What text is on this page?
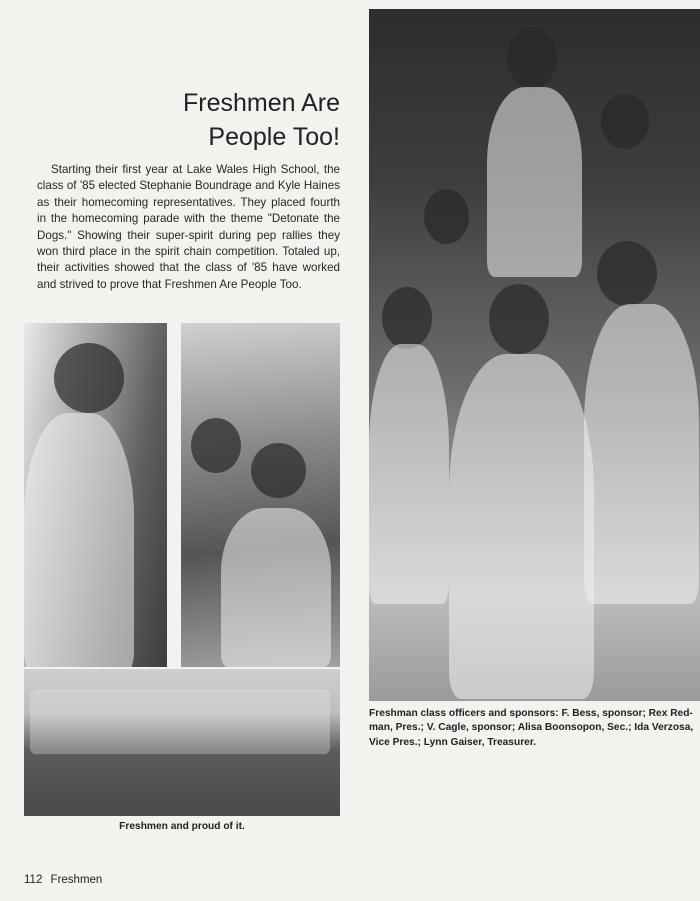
Freshmen Are
People Too!

Starting their first year at Lake Wales High School, the class of '85 elected Stephanie Boundrage and Kyle Haines as their homecoming representatives. They placed fourth in the homecoming parade with the theme "Detonate the Dogs." Showing their super-spirit during pep rallies they won third place in the spirit chain competition. Totaled up, their activities showed that the class of '85 have worked and strived to prove that Freshmen Are People Too.

Freshman class officers and sponsors: F. Bess, sponsor; Rex Red-man, Pres.; V. Cagle, sponsor; Alisa Boonsopon, Sec.; Ida Verzosa, Vice Pres.; Lynn Gaiser, Treasurer.

Freshmen and proud of it.

112 Freshmen
